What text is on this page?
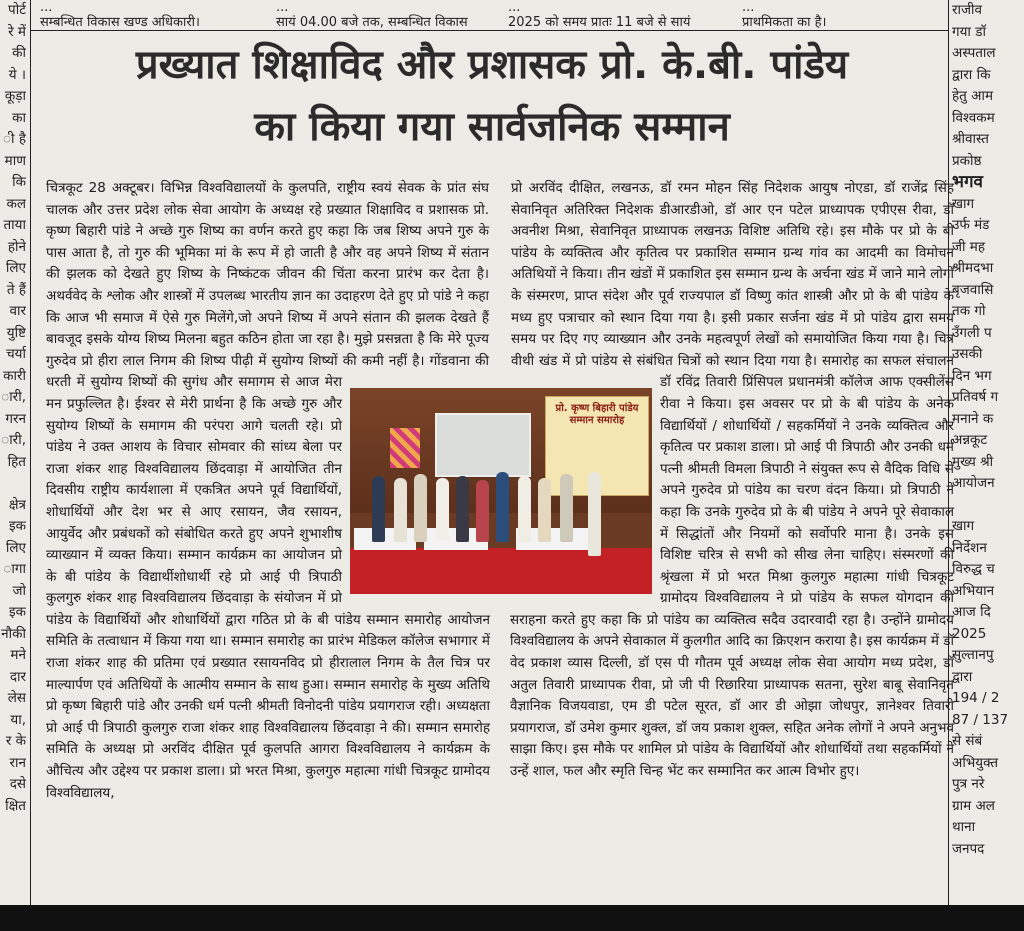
...

सम्बन्धित विकास खण्ड अधिकारी।

...

सायं 04.00 बजे तक, सम्बन्धित विकास

...

2025 को समय प्रातः 11 बजे से सायं

...

प्राथमिकता का है।

पोर्ट
रे में
की
ये ।
कूड़ा
का
ी है
माण
कि
कल
ताया
होने
लिए
ते हैं
वार
युष्टि
चर्या
कारी
ारी,
गरन
ारी,
हित

क्षेत्र
इक
लिए
ागा
जो
इक
नौकी
मने
दार
लेस
या,
र के
रान
दसे
क्षित
राजीव
गया डॉ
अस्पताल
द्वारा कि
हेतु आम
विश्वकम
श्रीवास्त
प्रकोष्ठ
भगव
खाग
उर्फ मंड
जी मह
श्रीमदभा
बृजवासि
तक गो
उँगली प
उसकी
दिन भग
प्रतिवर्ष ग
मनाने क
अन्नकूट
मुख्य श्री
आयोजन

खाग
निर्देशन
विरुद्ध च
अभियान
आज दि
2025
सुल्तानपु
द्वारा
194 / 2
87 / 137
से संबं
अभियुक्त
पुत्र नरे
ग्राम अल
थाना
जनपद
प्रख्यात शिक्षाविद और प्रशासक प्रो. के.बी. पांडेय
का किया गया सार्वजनिक सम्मान
प्रो. कृष्ण बिहारी पांडेय सम्मान समारोह

चित्रकूट 28 अक्टूबर। विभिन्न विश्वविद्यालयों के कुलपति, राष्ट्रीय स्वयं सेवक के प्रांत संघ चालक और उत्तर प्रदेश लोक सेवा आयोग के अध्यक्ष रहे प्रख्यात शिक्षाविद व प्रशासक प्रो. कृष्ण बिहारी पांडे ने अच्छे गुरु शिष्य का वर्णन करते हुए कहा कि जब शिष्य अपने गुरु के पास आता है, तो गुरु की भूमिका मां के रूप में हो जाती है और वह अपने शिष्य में संतान की झलक को देखते हुए शिष्य के निष्कंटक जीवन की चिंता करना प्रारंभ कर देता है। अथर्ववेद के श्लोक और शास्त्रों में उपलब्ध भारतीय ज्ञान का उदाहरण देते हुए प्रो पांडे ने कहा कि आज भी समाज में ऐसे गुरु मिलेंगे,जो अपने शिष्य में अपने संतान की झलक देखते हैं बावजूद इसके योग्य शिष्य मिलना बहुत कठिन होता जा रहा है। मुझे प्रसन्नता है कि मेरे पूज्य गुरुदेव प्रो हीरा लाल निगम की शिष्य पीढ़ी में सुयोग्य शिष्यों की कमी नहीं है। गोंडवाना की धरती में सुयोग्य शिष्यों की सुगंध और समागम से आज मेरा मन प्रफुल्लित है। ईश्वर से मेरी प्रार्थना है कि अच्छे गुरु और सुयोग्य शिष्यों के समागम की परंपरा आगे चलती रहे। प्रो पांडेय ने उक्त आशय के विचार सोमवार की सांध्य बेला पर राजा शंकर शाह विश्वविद्यालय छिंदवाड़ा में आयोजित तीन दिवसीय राष्ट्रीय कार्यशाला में एकत्रित अपने पूर्व विद्यार्थियों, शोधार्थियों और देश भर से आए रसायन, जैव रसायन, आयुर्वेद और प्रबंधकों को संबोधित करते हुए अपने शुभाशीष व्याख्यान में व्यक्त किया। सम्मान कार्यक्रम का आयोजन प्रो के बी पांडेय के विद्यार्थीशोधार्थी रहे प्रो आई पी त्रिपाठी कुलगुरु शंकर शाह विश्वविद्यालय छिंदवाड़ा के संयोजन में प्रो पांडेय के विद्यार्थियों और शोधार्थियों द्वारा गठित प्रो के बी पांडेय सम्मान समारोह आयोजन समिति के तत्वाधान में किया गया था। सम्मान समारोह का प्रारंभ मेडिकल कॉलेज सभागार में राजा शंकर शाह की प्रतिमा एवं प्रख्यात रसायनविद प्रो हीरालाल निगम के तैल चित्र पर माल्यार्पण एवं अतिथियों के आत्मीय सम्मान के साथ हुआ। सम्मान समारोह के मुख्य अतिथि प्रो कृष्ण बिहारी पांडे और उनकी धर्म पत्नी श्रीमती विनोदनी पांडेय प्रयागराज रही। अध्यक्षता प्रो आई पी त्रिपाठी कुलगुरु राजा शंकर शाह विश्वविद्यालय छिंदवाड़ा ने की। सम्मान समारोह समिति के अध्यक्ष प्रो अरविंद दीक्षित पूर्व कुलपति आगरा विश्वविद्यालय ने कार्यक्रम के औचित्य और उद्देश्य पर प्रकाश डाला। प्रो भरत मिश्रा, कुलगुरु महात्मा गांधी चित्रकूट ग्रामोदय विश्वविद्यालय,

प्रो अरविंद दीक्षित, लखनऊ, डॉ रमन मोहन सिंह निदेशक आयुष नोएडा, डॉ राजेंद्र सिंह सेवानिवृत अतिरिक्त निदेशक डीआरडीओ, डॉ आर एन पटेल प्राध्यापक एपीएस रीवा, डॉ अवनीश मिश्रा, सेवानिवृत प्राध्यापक लखनऊ विशिष्ट अतिथि रहे। इस मौके पर प्रो के बी पांडेय के व्यक्तित्व और कृतित्व पर प्रकाशित सम्मान ग्रन्थ गांव का आदमी का विमोचन अतिथियों ने किया। तीन खंडों में प्रकाशित इस सम्मान ग्रन्थ के अर्चना खंड में जाने माने लोगों के संस्मरण, प्राप्त संदेश और पूर्व राज्यपाल डॉ विष्णु कांत शास्त्री और प्रो के बी पांडेय के मध्य हुए पत्राचार को स्थान दिया गया है। इसी प्रकार सर्जना खंड में प्रो पांडेय द्वारा समय समय पर दिए गए व्याख्यान और उनके महत्वपूर्ण लेखों को समायोजित किया गया है। चित्र वीथी खंड में प्रो पांडेय से संबंधित चित्रों को स्थान दिया गया है। समारोह का सफल संचालन डॉ रविंद्र तिवारी प्रिंसिपल प्रधानमंत्री कॉलेज आफ एक्सीलेंस रीवा ने किया। इस अवसर पर प्रो के बी पांडेय के अनेक विद्यार्थियों / शोधार्थियों / सहकर्मियों ने उनके व्यक्तित्व और कृतित्व पर प्रकाश डाला। प्रो आई पी त्रिपाठी और उनकी धर्म पत्नी श्रीमती विमला त्रिपाठी ने संयुक्त रूप से वैदिक विधि से अपने गुरुदेव प्रो पांडेय का चरण वंदन किया। प्रो त्रिपाठी ने कहा कि उनके गुरुदेव प्रो के बी पांडेय ने अपने पूरे सेवाकाल में सिद्धांतों और नियमों को सर्वोपरि माना है। उनके इस विशिष्ट चरित्र से सभी को सीख लेना चाहिए। संस्मरणों की श्रृंखला में प्रो भरत मिश्रा कुलगुरु महात्मा गांधी चित्रकूट ग्रामोदय विश्वविद्यालय ने प्रो पांडेय के सफल योगदान की सराहना करते हुए कहा कि प्रो पांडेय का व्यक्तित्व सदैव उदारवादी रहा है। उन्होंने ग्रामोदय विश्वविद्यालय के अपने सेवाकाल में कुलगीत आदि का क्रिएशन कराया है। इस कार्यक्रम में डॉ वेद प्रकाश व्यास दिल्ली, डॉ एस पी गौतम पूर्व अध्यक्ष लोक सेवा आयोग मध्य प्रदेश, डॉ अतुल तिवारी प्राध्यापक रीवा, प्रो जी पी रिछारिया प्राध्यापक सतना, सुरेश बाबू सेवानिवृत वैज्ञानिक विजयवाडा, एम डी पटेल सूरत, डॉ आर डी ओझा जोधपुर, ज्ञानेश्वर तिवारी प्रयागराज, डॉ उमेश कुमार शुक्ल, डॉ जय प्रकाश शुक्ल, सहित अनेक लोगों ने अपने अनुभव साझा किए। इस मौके पर शामिल प्रो पांडेय के विद्यार्थियों और शोधार्थियों तथा सहकर्मियों ने उन्हें शाल, फल और स्मृति चिन्ह भेंट कर सम्मानित कर आत्म विभोर हुए।
